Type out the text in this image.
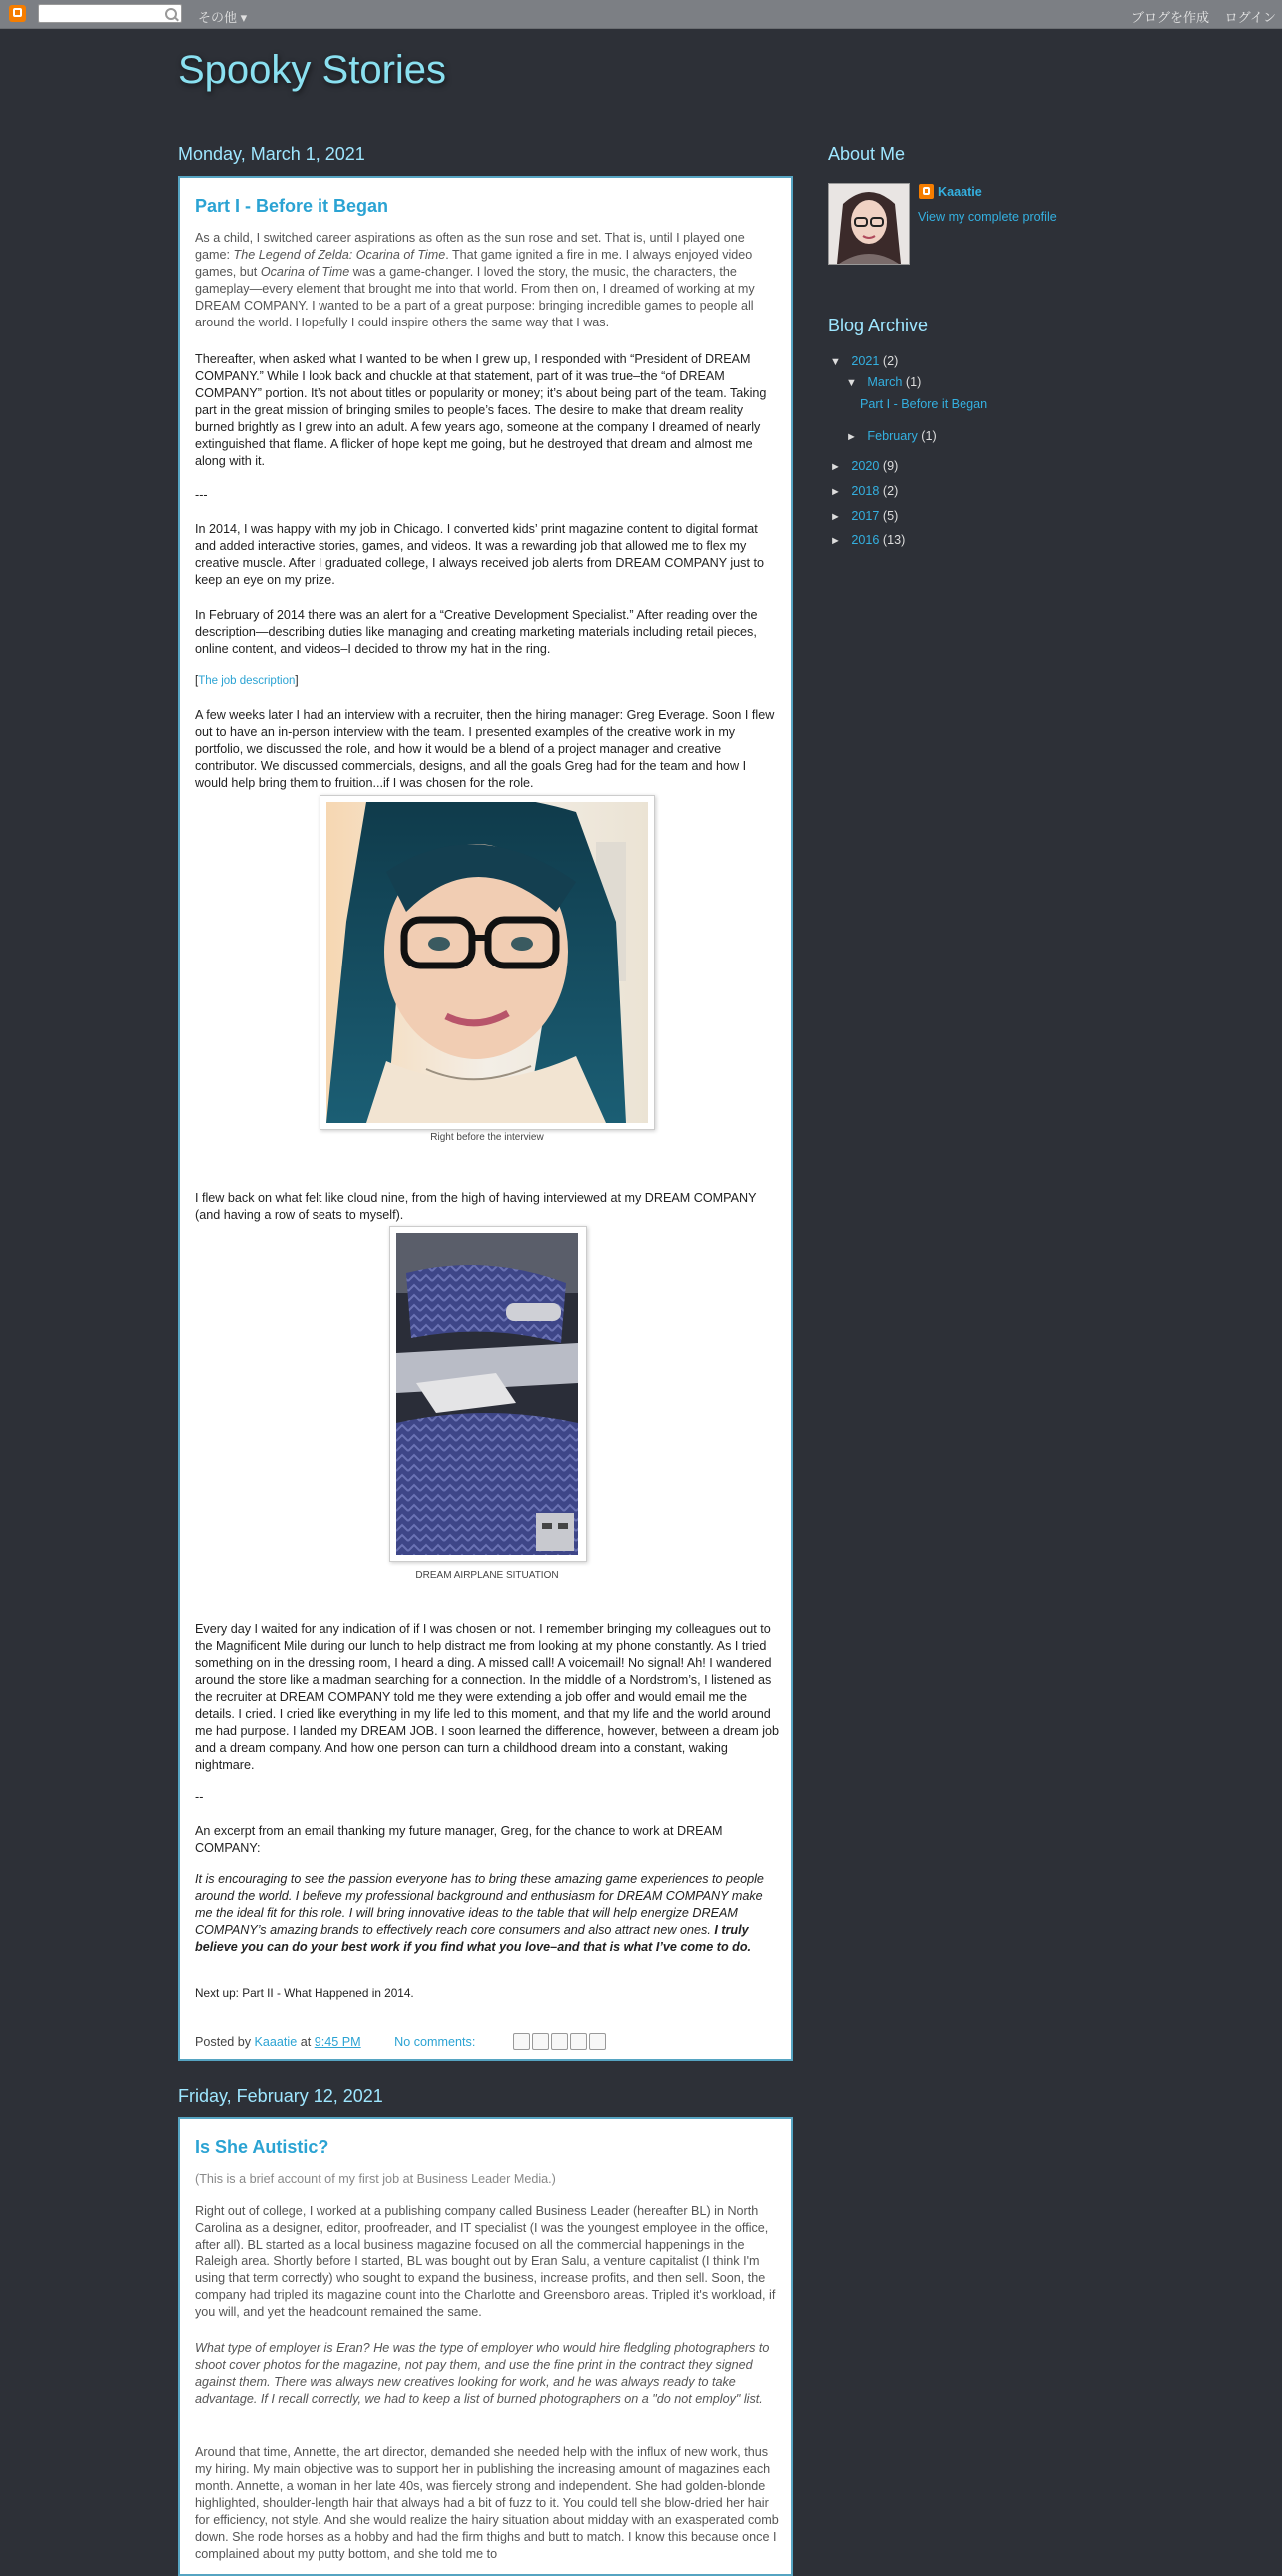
その他 ▾	ブログを作成 ログイン
Spooky Stories
Monday, March 1, 2021
Part I - Before it Began
As a child, I switched career aspirations as often as the sun rose and set. That is, until I played one game: The Legend of Zelda: Ocarina of Time. That game ignited a fire in me. I always enjoyed video games, but Ocarina of Time was a game-changer. I loved the story, the music, the characters, the gameplay—every element that brought me into that world. From then on, I dreamed of working at my DREAM COMPANY. I wanted to be a part of a great purpose: bringing incredible games to people all around the world. Hopefully I could inspire others the same way that I was.
Thereafter, when asked what I wanted to be when I grew up, I responded with “President of DREAM COMPANY.” While I look back and chuckle at that statement, part of it was true–the “of DREAM COMPANY” portion. It’s not about titles or popularity or money; it’s about being part of the team. Taking part in the great mission of bringing smiles to people’s faces. The desire to make that dream reality burned brightly as I grew into an adult. A few years ago, someone at the company I dreamed of nearly extinguished that flame. A flicker of hope kept me going, but he destroyed that dream and almost me along with it.
---
In 2014, I was happy with my job in Chicago. I converted kids’ print magazine content to digital format and added interactive stories, games, and videos. It was a rewarding job that allowed me to flex my creative muscle. After I graduated college, I always received job alerts from DREAM COMPANY just to keep an eye on my prize.
In February of 2014 there was an alert for a “Creative Development Specialist.” After reading over the description—describing duties like managing and creating marketing materials including retail pieces, online content, and videos–I decided to throw my hat in the ring.
[The job description]
A few weeks later I had an interview with a recruiter, then the hiring manager: Greg Everage. Soon I flew out to have an in-person interview with the team. I presented examples of the creative work in my portfolio, we discussed the role, and how it would be a blend of a project manager and creative contributor. We discussed commercials, designs, and all the goals Greg had for the team and how I would help bring them to fruition...if I was chosen for the role.
Right before the interview
I flew back on what felt like cloud nine, from the high of having interviewed at my DREAM COMPANY (and having a row of seats to myself).
DREAM AIRPLANE SITUATION
Every day I waited for any indication of if I was chosen or not. I remember bringing my colleagues out to the Magnificent Mile during our lunch to help distract me from looking at my phone constantly. As I tried something on in the dressing room, I heard a ding. A missed call! A voicemail! No signal! Ah! I wandered around the store like a madman searching for a connection. In the middle of a Nordstrom’s, I listened as the recruiter at DREAM COMPANY told me they were extending a job offer and would email me the details. I cried. I cried like everything in my life led to this moment, and that my life and the world around me had purpose. I landed my DREAM JOB. I soon learned the difference, however, between a dream job and a dream company. And how one person can turn a childhood dream into a constant, waking nightmare.
--
An excerpt from an email thanking my future manager, Greg, for the chance to work at DREAM COMPANY:
It is encouraging to see the passion everyone has to bring these amazing game experiences to people around the world. I believe my professional background and enthusiasm for DREAM COMPANY make me the ideal fit for this role. I will bring innovative ideas to the table that will help energize DREAM COMPANY’s amazing brands to effectively reach core consumers and also attract new ones. I truly believe you can do your best work if you find what you love–and that is what I’ve come to do.
Next up: Part II - What Happened in 2014.
Posted by Kaaatie at 9:45 PM	No comments:
Friday, February 12, 2021
Is She Autistic?
(This is a brief account of my first job at Business Leader Media.)
Right out of college, I worked at a publishing company called Business Leader (hereafter BL) in North Carolina as a designer, editor, proofreader, and IT specialist (I was the youngest employee in the office, after all). BL started as a local business magazine focused on all the commercial happenings in the Raleigh area. Shortly before I started, BL was bought out by Eran Salu, a venture capitalist (I think I'm using that term correctly) who sought to expand the business, increase profits, and then sell. Soon, the company had tripled its magazine count into the Charlotte and Greensboro areas. Tripled it's workload, if you will, and yet the headcount remained the same.
What type of employer is Eran? He was the type of employer who would hire fledgling photographers to shoot cover photos for the magazine, not pay them, and use the fine print in the contract they signed against them. There was always new creatives looking for work, and he was always ready to take advantage. If I recall correctly, we had to keep a list of burned photographers on a "do not employ" list.
Around that time, Annette, the art director, demanded she needed help with the influx of new work, thus my hiring. My main objective was to support her in publishing the increasing amount of magazines each month. Annette, a woman in her late 40s, was fiercely strong and independent. She had golden-blonde highlighted, shoulder-length hair that always had a bit of fuzz to it. You could tell she blow-dried her hair for efficiency, not style. And she would realize the hairy situation about midday with an exasperated comb down. She rode horses as a hobby and had the firm thighs and butt to match. I know this because once I complained about my putty bottom, and she told me to
About Me
Kaaatie
View my complete profile
Blog Archive
▼ 2021 (2)
▼ March (1)
Part I - Before it Began
► February (1)
► 2020 (9)
► 2018 (2)
► 2017 (5)
► 2016 (13)
